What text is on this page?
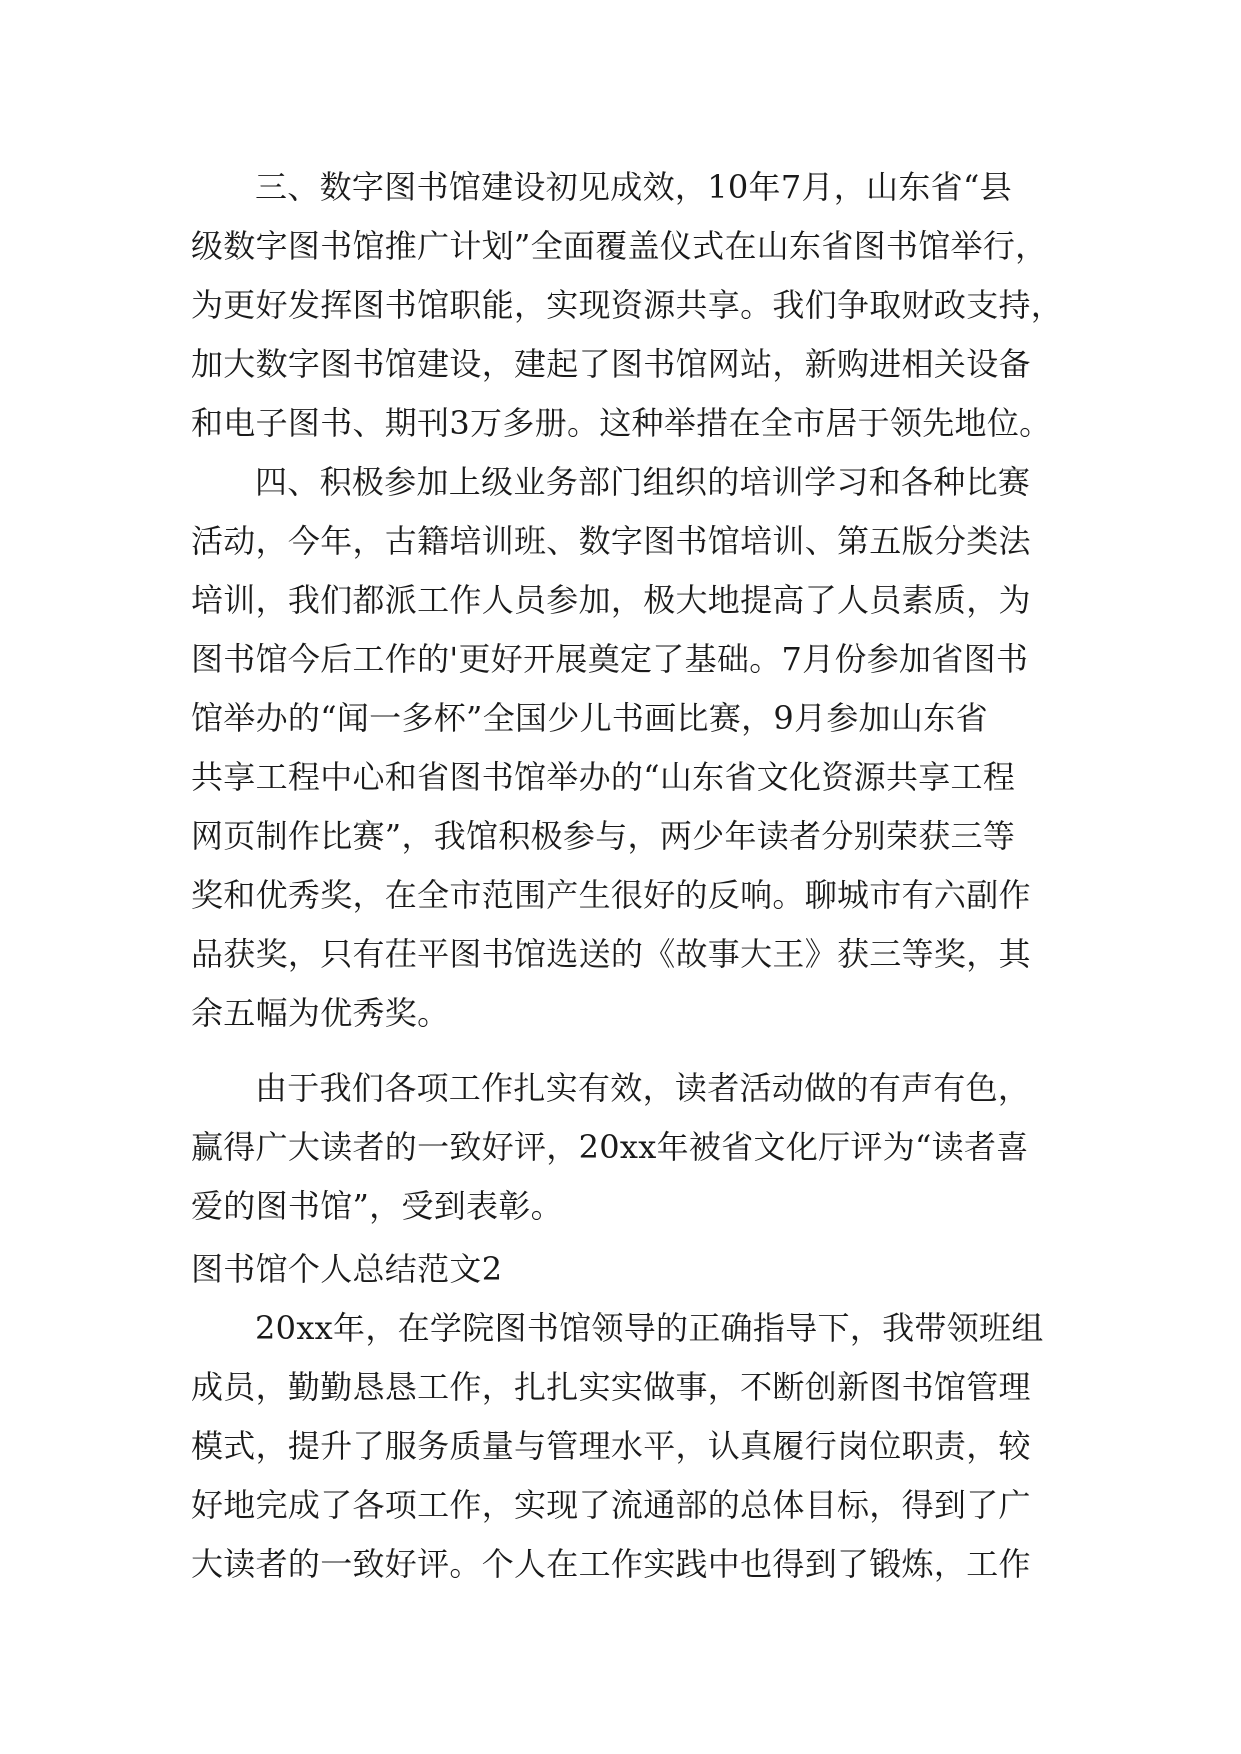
三、数字图书馆建设初见成效，10年7月，山东省“县
级数字图书馆推广计划”全面覆盖仪式在山东省图书馆举行，
为更好发挥图书馆职能，实现资源共享。我们争取财政支持，
加大数字图书馆建设，建起了图书馆网站，新购进相关设备
和电子图书、期刊3万多册。这种举措在全市居于领先地位。
四、积极参加上级业务部门组织的培训学习和各种比赛
活动，今年，古籍培训班、数字图书馆培训、第五版分类法
培训，我们都派工作人员参加，极大地提高了人员素质，为
图书馆今后工作的'更好开展奠定了基础。7月份参加省图书
馆举办的“闻一多杯”全国少儿书画比赛，9月参加山东省
共享工程中心和省图书馆举办的“山东省文化资源共享工程
网页制作比赛”，我馆积极参与，两少年读者分别荣获三等
奖和优秀奖，在全市范围产生很好的反响。聊城市有六副作
品获奖，只有茌平图书馆选送的《故事大王》获三等奖，其
余五幅为优秀奖。
由于我们各项工作扎实有效，读者活动做的有声有色，
赢得广大读者的一致好评，20xx年被省文化厅评为“读者喜
爱的图书馆”，受到表彰。
图书馆个人总结范文2
20xx年，在学院图书馆领导的正确指导下，我带领班组
成员，勤勤恳恳工作，扎扎实实做事，不断创新图书馆管理
模式，提升了服务质量与管理水平，认真履行岗位职责，较
好地完成了各项工作，实现了流通部的总体目标，得到了广
大读者的一致好评。个人在工作实践中也得到了锻炼，工作
